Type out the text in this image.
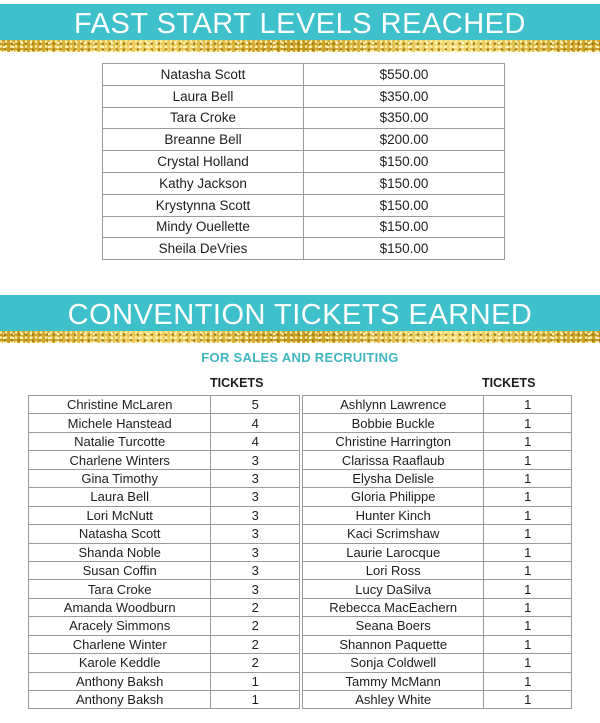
FAST START LEVELS REACHED
Natasha Scott	$550.00
Laura Bell	$350.00
Tara Croke	$350.00
Breanne Bell	$200.00
Crystal Holland	$150.00
Kathy Jackson	$150.00
Krystynna Scott	$150.00
Mindy Ouellette	$150.00
Sheila DeVries	$150.00
CONVENTION TICKETS EARNED
FOR SALES AND RECRUITING
TICKETS	TICKETS
Christine McLaren	5
Michele Hanstead	4
Natalie Turcotte	4
Charlene Winters	3
Gina Timothy	3
Laura Bell	3
Lori McNutt	3
Natasha Scott	3
Shanda Noble	3
Susan Coffin	3
Tara Croke	3
Amanda Woodburn	2
Aracely Simmons	2
Charlene Winter	2
Karole Keddle	2
Anthony Baksh	1
Anthony Baksh	1
Ashlynn Lawrence	1
Bobbie Buckle	1
Christine Harrington	1
Clarissa Raaflaub	1
Elysha Delisle	1
Gloria Philippe	1
Hunter Kinch	1
Kaci Scrimshaw	1
Laurie Larocque	1
Lori Ross	1
Lucy DaSilva	1
Rebecca MacEachern	1
Seana Boers	1
Shannon Paquette	1
Sonja Coldwell	1
Tammy McMann	1
Ashley White	1
